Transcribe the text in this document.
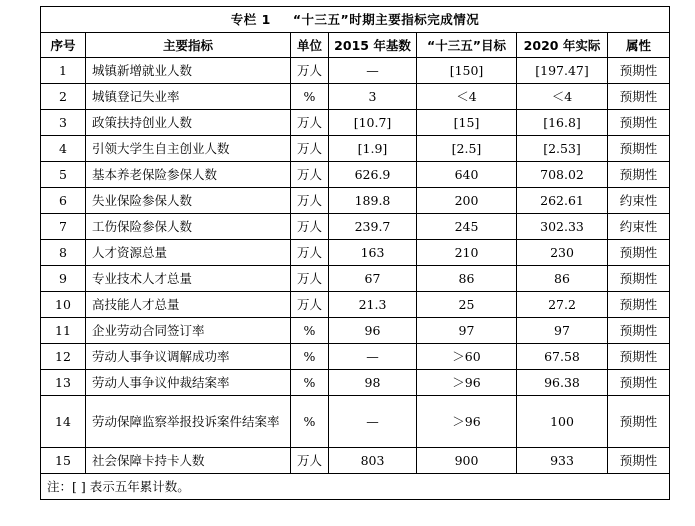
专栏 1 “十三五”时期主要指标完成情况						
序号	主要指标	单位	2015 年基数	“十三五”目标	2020 年实际	属性
1	城镇新增就业人数	万人	—	[150]	[197.47]	预期性
2	城镇登记失业率	%	3	＜4	＜4	预期性
3	政策扶持创业人数	万人	[10.7]	[15]	[16.8]	预期性
4	引领大学生自主创业人数	万人	[1.9]	[2.5]	[2.53]	预期性
5	基本养老保险参保人数	万人	626.9	640	708.02	预期性
6	失业保险参保人数	万人	189.8	200	262.61	约束性
7	工伤保险参保人数	万人	239.7	245	302.33	约束性
8	人才资源总量	万人	163	210	230	预期性
9	专业技术人才总量	万人	67	86	86	预期性
10	高技能人才总量	万人	21.3	25	27.2	预期性
11	企业劳动合同签订率	%	96	97	97	预期性
12	劳动人事争议调解成功率	%	—	＞60	67.58	预期性
13	劳动人事争议仲裁结案率	%	98	＞96	96.38	预期性
14	劳动保障监察举报投诉案件结案率	%	—	＞96	100	预期性
15	社会保障卡持卡人数	万人	803	900	933	预期性
注：[ ] 表示五年累计数。						
